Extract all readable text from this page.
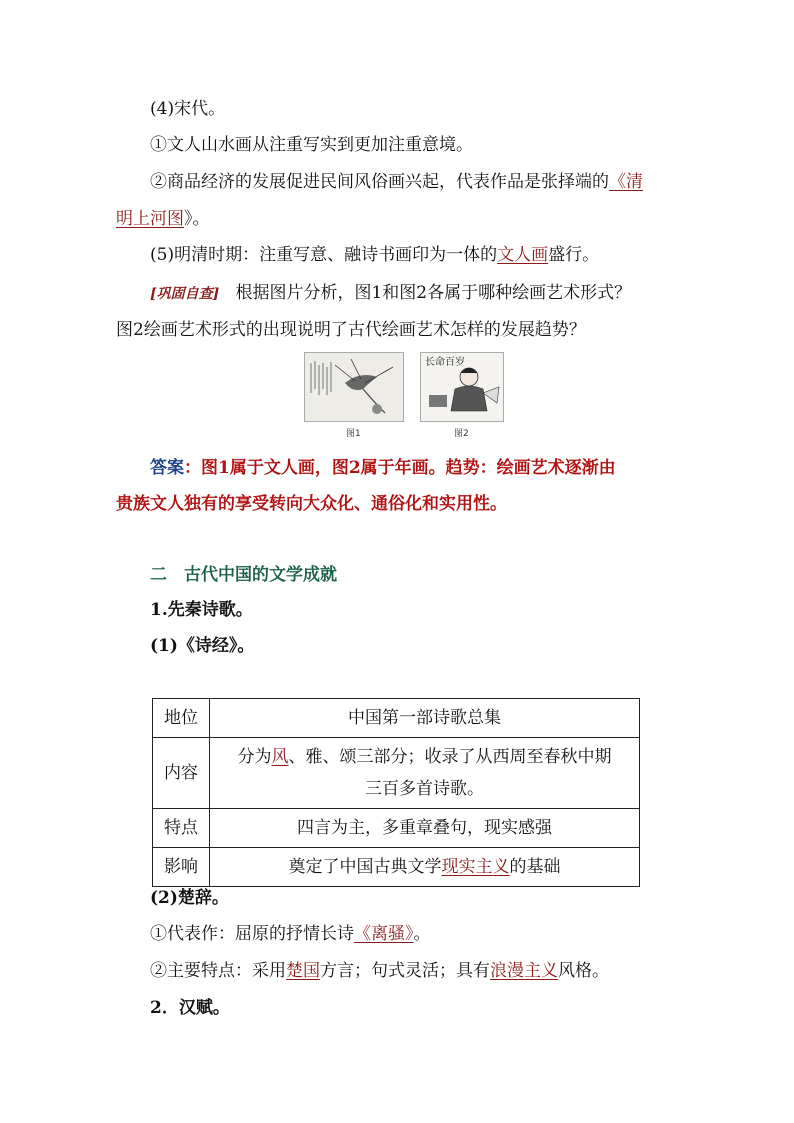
(4)宋代。
①文人山水画从注重写实到更加注重意境。
②商品经济的发展促进民间风俗画兴起，代表作品是张择端的《清
明上河图》。
(5)明清时期：注重写意、融诗书画印为一体的文人画盛行。
[巩固自查] 根据图片分析，图1和图2各属于哪种绘画艺术形式？
图2绘画艺术形式的出现说明了古代绘画艺术怎样的发展趋势？
长命百岁
图1	图2
答案：图1属于文人画，图2属于年画。趋势：绘画艺术逐渐由
贵族文人独有的享受转向大众化、通俗化和实用性。
二　古代中国的文学成就
1.先秦诗歌。
(1)《诗经》。
地位	中国第一部诗歌总集
内容	分为风、雅、颂三部分；收录了从西周至春秋中期
三百多首诗歌。
特点	四言为主，多重章叠句，现实感强
影响	奠定了中国古典文学现实主义的基础
(2)楚辞。
①代表作：屈原的抒情长诗《离骚》。
②主要特点：采用楚国方言；句式灵活；具有浪漫主义风格。
2．汉赋。
